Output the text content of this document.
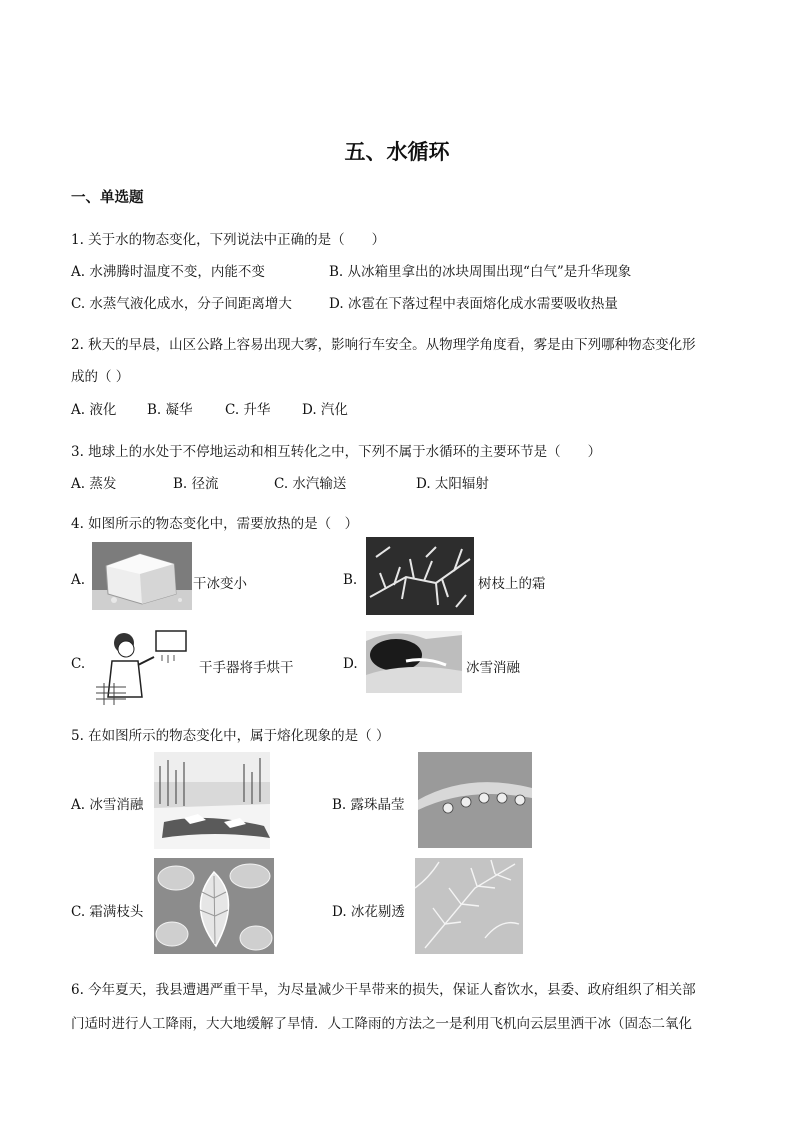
五、水循环
一、单选题
1. 关于水的物态变化，下列说法中正确的是（　　）
A. 水沸腾时温度不变，内能不变	B. 从冰箱里拿出的冰块周围出现“白气”是升华现象
C. 水蒸气液化成水，分子间距离增大	D. 冰雹在下落过程中表面熔化成水需要吸收热量
2. 秋天的早晨，山区公路上容易出现大雾，影响行车安全。从物理学角度看，雾是由下列哪种物态变化形
成的（ ）
A. 液化 B. 凝华 C. 升华 D. 汽化
3. 地球上的水处于不停地运动和相互转化之中，下列不属于水循环的主要环节是（　　）
A. 蒸发	B. 径流	C. 水汽输送	D. 太阳辐射
4. 如图所示的物态变化中，需要放热的是（　）
A.	干冰变小	B.	树枝上的霜
C.	干手器将手烘干	D.	冰雪消融
5. 在如图所示的物态变化中，属于熔化现象的是（ ）
A. 冰雪消融	B. 露珠晶莹
C. 霜满枝头	D. 冰花剔透
6. 今年夏天，我县遭遇严重干旱，为尽量减少干旱带来的损失，保证人畜饮水，县委、政府组织了相关部
门适时进行人工降雨，大大地缓解了旱情．人工降雨的方法之一是利用飞机向云层里洒干冰（固态二氧化
